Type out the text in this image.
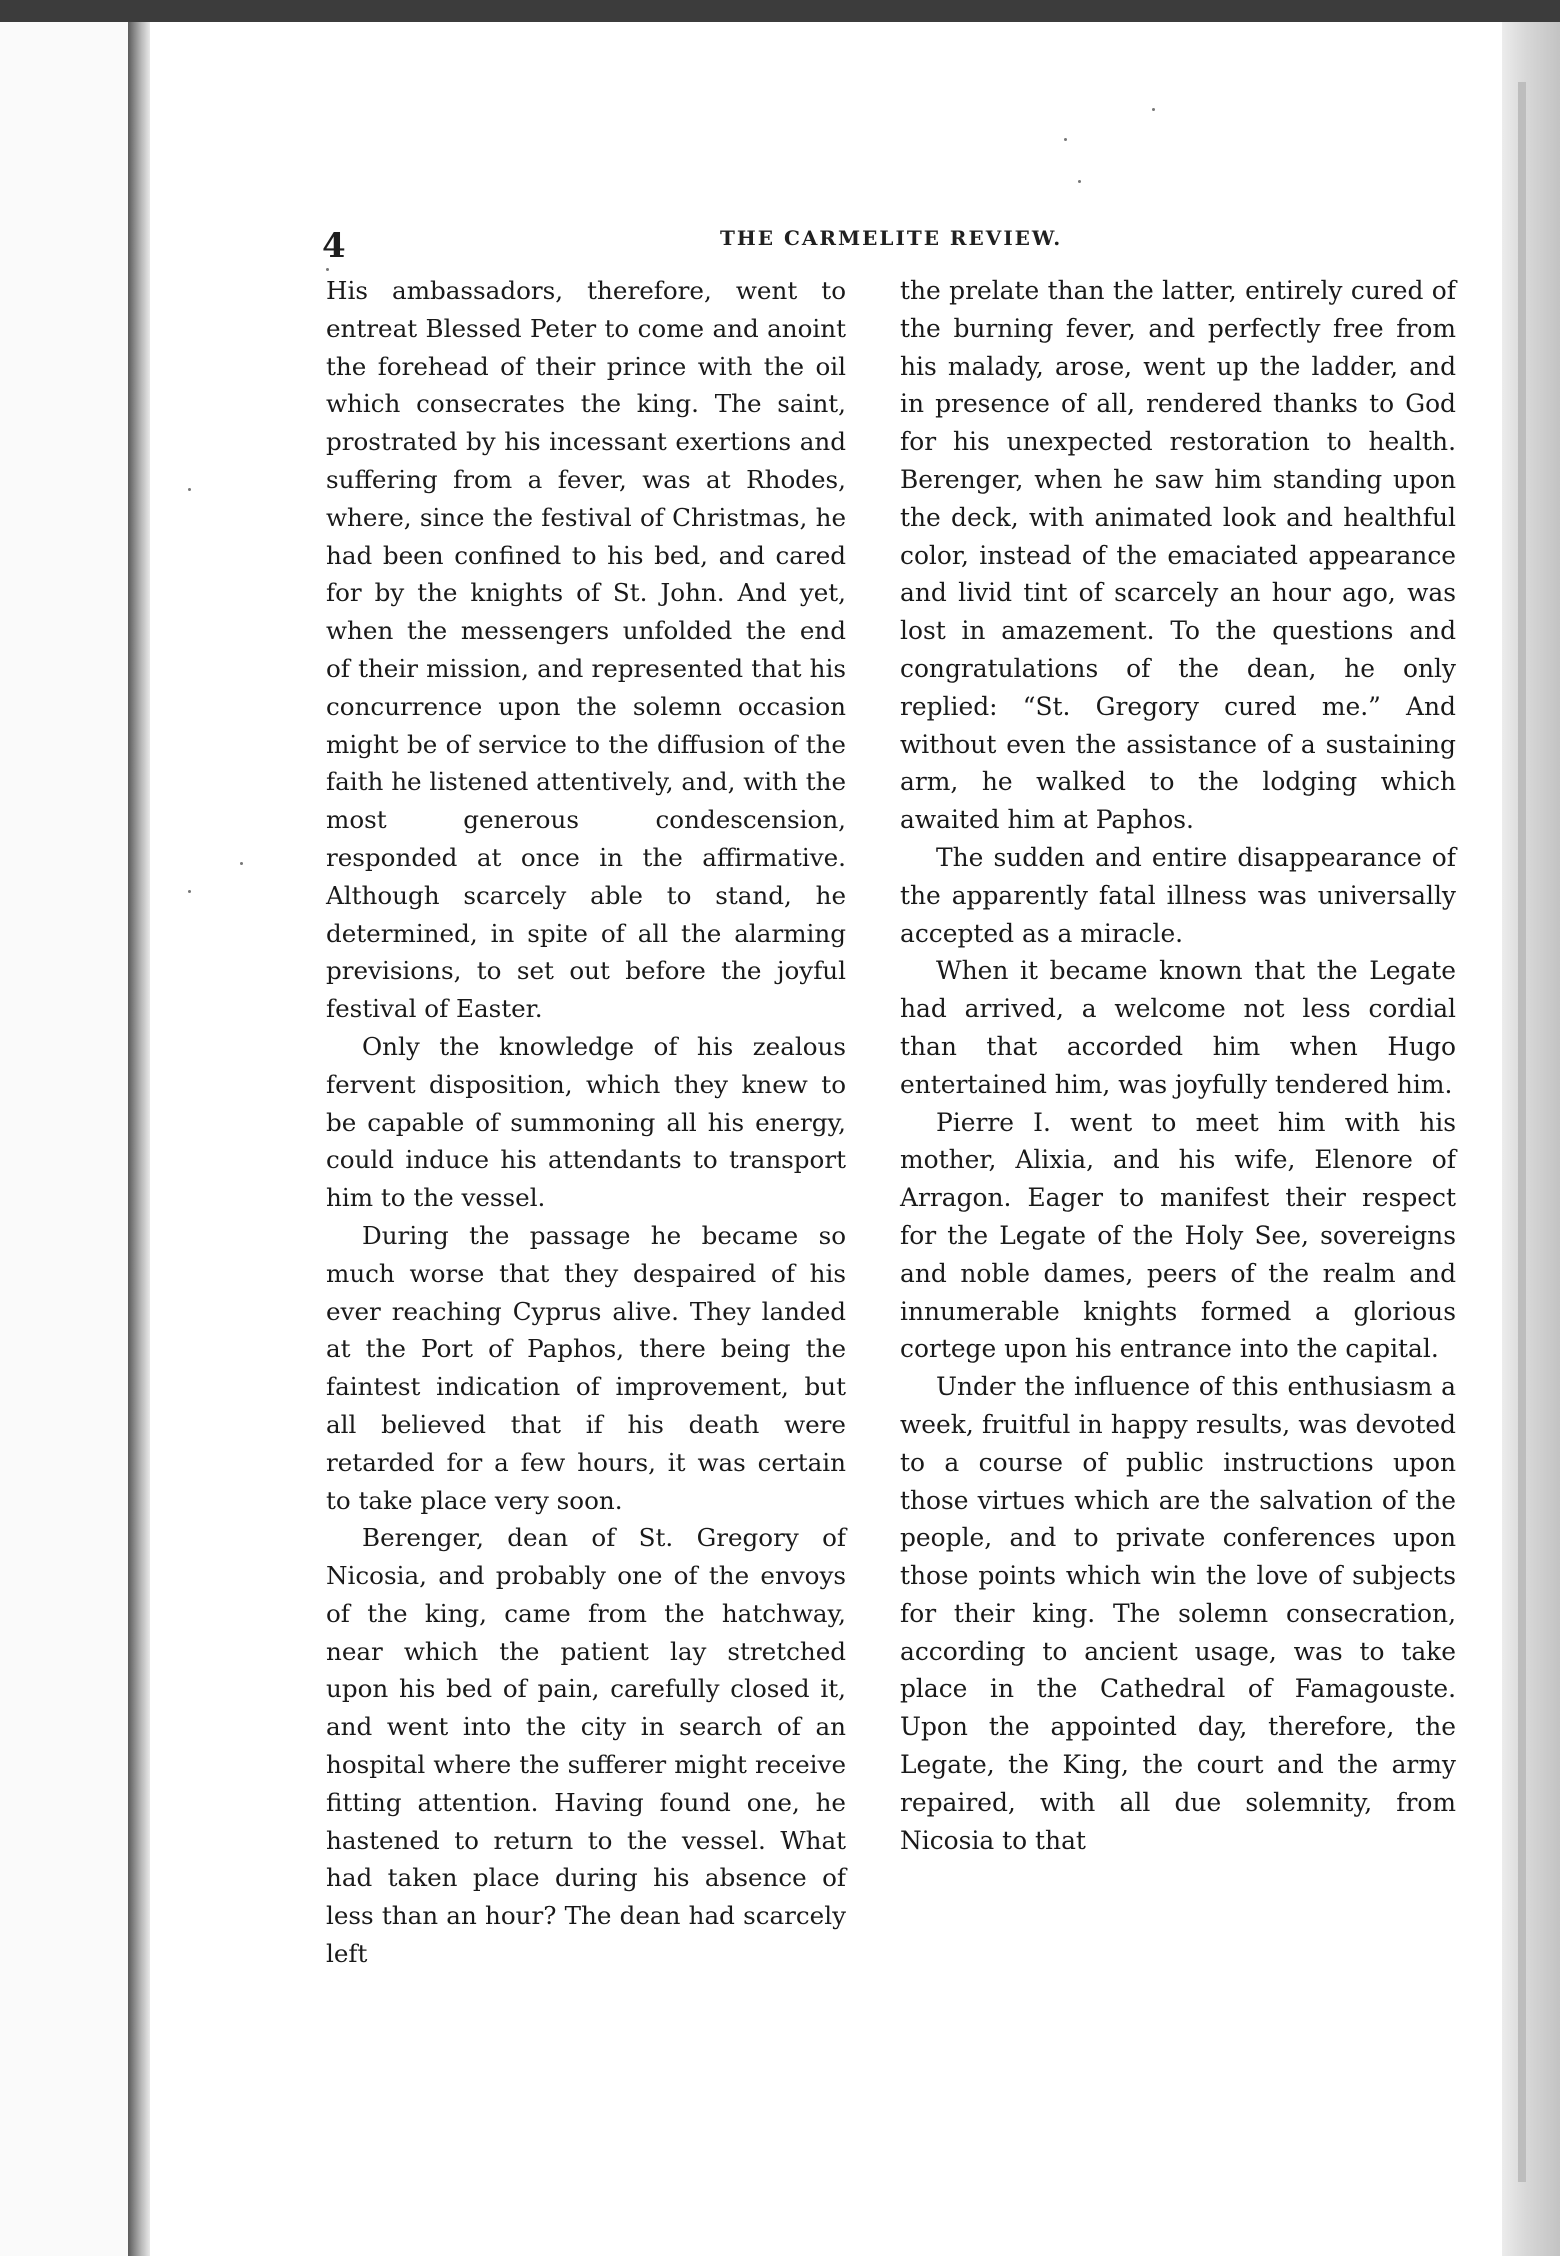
4	THE CARMELITE REVIEW.

His ambassadors, therefore, went to entreat Blessed Peter to come and anoint the forehead of their prince with the oil which consecrates the king. The saint, prostrated by his incessant exertions and suffering from a fever, was at Rhodes, where, since the festival of Christmas, he had been confined to his bed, and cared for by the knights of St. John. And yet, when the messengers unfolded the end of their mission, and represented that his concurrence upon the solemn occasion might be of service to the diffusion of the faith he listened attentively, and, with the most generous condescension, responded at once in the affirmative. Although scarcely able to stand, he determined, in spite of all the alarming previsions, to set out before the joyful festival of Easter.

Only the knowledge of his zealous fervent disposition, which they knew to be capable of summoning all his energy, could induce his attendants to transport him to the vessel.

During the passage he became so much worse that they despaired of his ever reaching Cyprus alive. They landed at the Port of Paphos, there being the faintest indication of improvement, but all believed that if his death were retarded for a few hours, it was certain to take place very soon.

Berenger, dean of St. Gregory of Nicosia, and probably one of the envoys of the king, came from the hatchway, near which the patient lay stretched upon his bed of pain, carefully closed it, and went into the city in search of an hospital where the sufferer might receive fitting attention. Having found one, he hastened to return to the vessel. What had taken place during his absence of less than an hour? The dean had scarcely left

the prelate than the latter, entirely cured of the burning fever, and perfectly free from his malady, arose, went up the ladder, and in presence of all, rendered thanks to God for his unexpected restoration to health. Berenger, when he saw him standing upon the deck, with animated look and healthful color, instead of the emaciated appearance and livid tint of scarcely an hour ago, was lost in amazement. To the questions and congratulations of the dean, he only replied: “St. Gregory cured me.” And without even the assistance of a sustaining arm, he walked to the lodging which awaited him at Paphos.

The sudden and entire disappearance of the apparently fatal illness was universally accepted as a miracle.

When it became known that the Legate had arrived, a welcome not less cordial than that accorded him when Hugo entertained him, was joyfully tendered him.

Pierre I. went to meet him with his mother, Alixia, and his wife, Elenore of Arragon. Eager to manifest their respect for the Legate of the Holy See, sovereigns and noble dames, peers of the realm and innumerable knights formed a glorious cortege upon his entrance into the capital.

Under the influence of this enthusiasm a week, fruitful in happy results, was devoted to a course of public instructions upon those virtues which are the salvation of the people, and to private conferences upon those points which win the love of subjects for their king. The solemn consecration, according to ancient usage, was to take place in the Cathedral of Famagouste. Upon the appointed day, therefore, the Legate, the King, the court and the army repaired, with all due solemnity, from Nicosia to that
